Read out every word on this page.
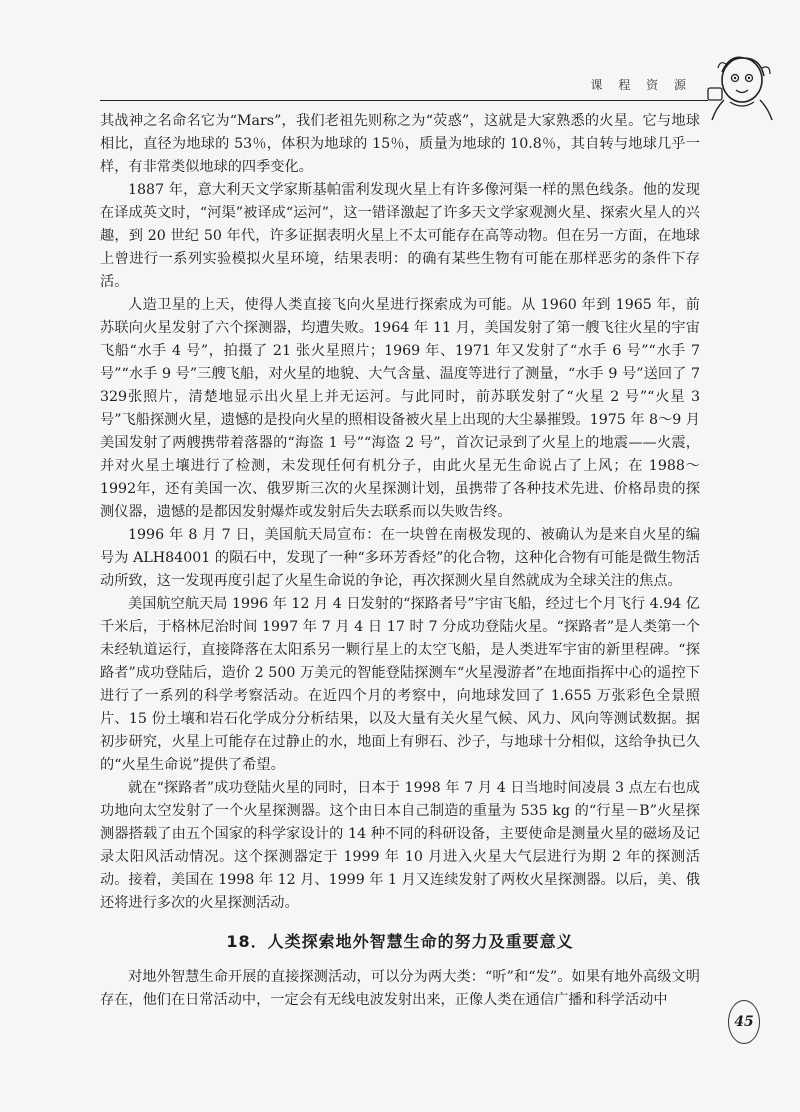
课 程 资 源

其战神之名命名它为“Mars”，我们老祖先则称之为“荧惑”，这就是大家熟悉的火星。它与地球相比，直径为地球的 53％，体积为地球的 15％，质量为地球的 10.8％，其自转与地球几乎一样，有非常类似地球的四季变化。

1887 年，意大利天文学家斯基帕雷利发现火星上有许多像河渠一样的黑色线条。他的发现在译成英文时，“河渠”被译成“运河”，这一错译激起了许多天文学家观测火星、探索火星人的兴趣，到 20 世纪 50 年代，许多证据表明火星上不太可能存在高等动物。但在另一方面，在地球上曾进行一系列实验模拟火星环境，结果表明：的确有某些生物有可能在那样恶劣的条件下存活。

人造卫星的上天，使得人类直接飞向火星进行探索成为可能。从 1960 年到 1965 年，前苏联向火星发射了六个探测器，均遭失败。1964 年 11 月，美国发射了第一艘飞往火星的宇宙飞船“水手 4 号”，拍摄了 21 张火星照片；1969 年、1971 年又发射了“水手 6 号”“水手 7 号”“水手 9 号”三艘飞船，对火星的地貌、大气含量、温度等进行了测量，“水手 9 号”送回了 7 329张照片，清楚地显示出火星上并无运河。与此同时，前苏联发射了“火星 2 号”“火星 3 号”飞船探测火星，遗憾的是投向火星的照相设备被火星上出现的大尘暴摧毁。1975 年 8～9 月美国发射了两艘携带着落器的“海盗 1 号”“海盗 2 号”，首次记录到了火星上的地震——火震，并对火星土壤进行了检测，未发现任何有机分子，由此火星无生命说占了上风；在 1988～1992年，还有美国一次、俄罗斯三次的火星探测计划，虽携带了各种技术先进、价格昂贵的探测仪器，遗憾的是都因发射爆炸或发射后失去联系而以失败告终。

1996 年 8 月 7 日，美国航天局宣布：在一块曾在南极发现的、被确认为是来自火星的编号为 ALH84001 的陨石中，发现了一种“多环芳香烃”的化合物，这种化合物有可能是微生物活动所致，这一发现再度引起了火星生命说的争论，再次探测火星自然就成为全球关注的焦点。

美国航空航天局 1996 年 12 月 4 日发射的“探路者号”宇宙飞船，经过七个月飞行 4.94 亿千米后，于格林尼治时间 1997 年 7 月 4 日 17 时 7 分成功登陆火星。“探路者”是人类第一个未经轨道运行，直接降落在太阳系另一颗行星上的太空飞船，是人类进军宇宙的新里程碑。“探路者”成功登陆后，造价 2 500 万美元的智能登陆探测车“火星漫游者”在地面指挥中心的遥控下进行了一系列的科学考察活动。在近四个月的考察中，向地球发回了 1.655 万张彩色全景照片、15 份土壤和岩石化学成分分析结果，以及大量有关火星气候、风力、风向等测试数据。据初步研究，火星上可能存在过静止的水，地面上有卵石、沙子，与地球十分相似，这给争执已久的“火星生命说”提供了希望。

就在“探路者”成功登陆火星的同时，日本于 1998 年 7 月 4 日当地时间凌晨 3 点左右也成功地向太空发射了一个火星探测器。这个由日本自己制造的重量为 535 kg 的“行星－B”火星探测器搭载了由五个国家的科学家设计的 14 种不同的科研设备，主要使命是测量火星的磁场及记录太阳风活动情况。这个探测器定于 1999 年 10 月进入火星大气层进行为期 2 年的探测活动。接着，美国在 1998 年 12 月、1999 年 1 月又连续发射了两枚火星探测器。以后，美、俄还将进行多次的火星探测活动。

18．人类探索地外智慧生命的努力及重要意义

对地外智慧生命开展的直接探测活动，可以分为两大类：“听”和“发”。如果有地外高级文明存在，他们在日常活动中，一定会有无线电波发射出来，正像人类在通信广播和科学活动中

45
